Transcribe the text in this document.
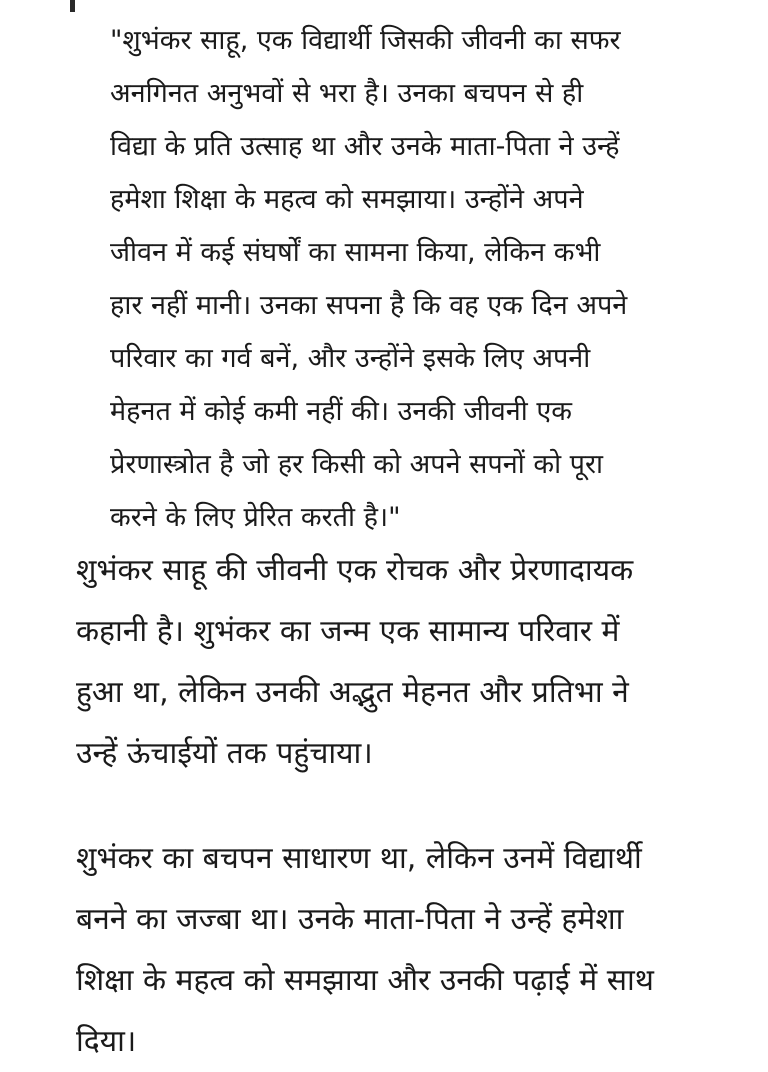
"शुभंकर साहू, एक विद्यार्थी जिसकी जीवनी का सफर
अनगिनत अनुभवों से भरा है। उनका बचपन से ही
विद्या के प्रति उत्साह था और उनके माता-पिता ने उन्हें
हमेशा शिक्षा के महत्व को समझाया। उन्होंने अपने
जीवन में कई संघर्षों का सामना किया, लेकिन कभी
हार नहीं मानी। उनका सपना है कि वह एक दिन अपने
परिवार का गर्व बनें, और उन्होंने इसके लिए अपनी
मेहनत में कोई कमी नहीं की। उनकी जीवनी एक
प्रेरणास्त्रोत है जो हर किसी को अपने सपनों को पूरा
करने के लिए प्रेरित करती है।"

शुभंकर साहू की जीवनी एक रोचक और प्रेरणादायक
कहानी है। शुभंकर का जन्म एक सामान्य परिवार में
हुआ था, लेकिन उनकी अद्भुत मेहनत और प्रतिभा ने
उन्हें ऊंचाईयों तक पहुंचाया।

शुभंकर का बचपन साधारण था, लेकिन उनमें विद्यार्थी
बनने का जज्बा था। उनके माता-पिता ने उन्हें हमेशा
शिक्षा के महत्व को समझाया और उनकी पढ़ाई में साथ
दिया।
